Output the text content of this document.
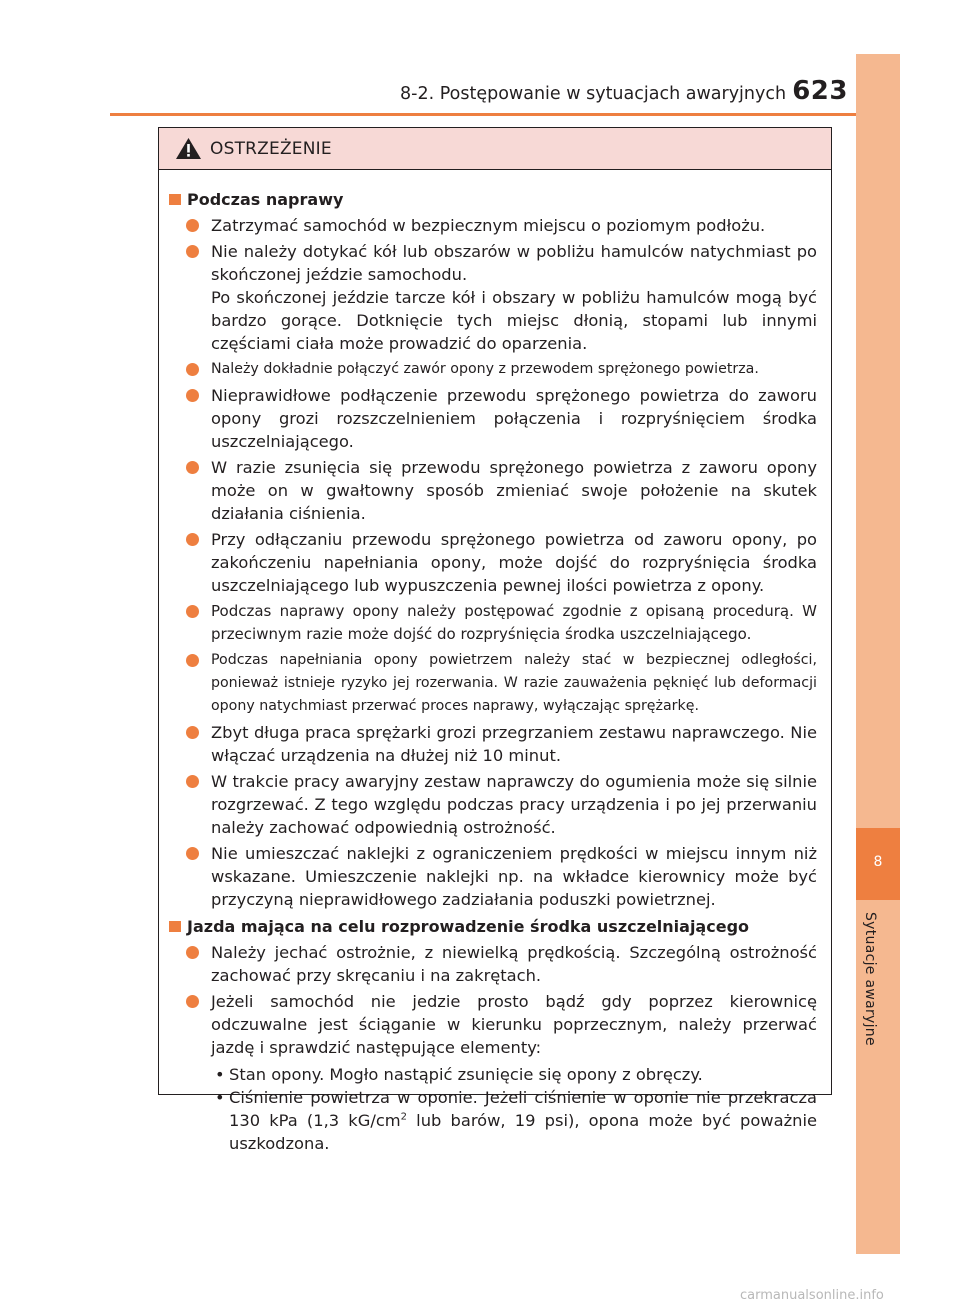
8-2. Postępowanie w sytuacjach awaryjnych 623
8
Sytuacje awaryjne
OSTRZEŻENIE
Podczas naprawy
Zatrzymać samochód w bezpiecznym miejscu o poziomym podłożu.
Nie należy dotykać kół lub obszarów w pobliżu hamulców natychmiast po skończonej jeździe samochodu.
Po skończonej jeździe tarcze kół i obszary w pobliżu hamulców mogą być bardzo gorące. Dotknięcie tych miejsc dłonią, stopami lub innymi częściami ciała może prowadzić do oparzenia.
Należy dokładnie połączyć zawór opony z przewodem sprężonego powietrza.
Nieprawidłowe podłączenie przewodu sprężonego powietrza do zaworu opony grozi rozszczelnieniem połączenia i rozpryśnięciem środka uszczelniającego.
W razie zsunięcia się przewodu sprężonego powietrza z zaworu opony może on w gwałtowny sposób zmieniać swoje położenie na skutek działania ciśnienia.
Przy odłączaniu przewodu sprężonego powietrza od zaworu opony, po zakończeniu napełniania opony, może dojść do rozpryśnięcia środka uszczelniającego lub wypuszczenia pewnej ilości powietrza z opony.
Podczas naprawy opony należy postępować zgodnie z opisaną procedurą. W przeciwnym razie może dojść do rozpryśnięcia środka uszczelniającego.
Podczas napełniania opony powietrzem należy stać w bezpiecznej odległości, ponieważ istnieje ryzyko jej rozerwania. W razie zauważenia pęknięć lub deformacji opony natychmiast przerwać proces naprawy, wyłączając sprężarkę.
Zbyt długa praca sprężarki grozi przegrzaniem zestawu naprawczego. Nie włączać urządzenia na dłużej niż 10 minut.
W trakcie pracy awaryjny zestaw naprawczy do ogumienia może się silnie rozgrzewać. Z tego względu podczas pracy urządzenia i po jej przerwaniu należy zachować odpowiednią ostrożność.
Nie umieszczać naklejki z ograniczeniem prędkości w miejscu innym niż wskazane. Umieszczenie naklejki np. na wkładce kierownicy może być przyczyną nieprawidłowego zadziałania poduszki powietrznej.
Jazda mająca na celu rozprowadzenie środka uszczelniającego
Należy jechać ostrożnie, z niewielką prędkością. Szczególną ostrożność zachować przy skręcaniu i na zakrętach.
Jeżeli samochód nie jedzie prosto bądź gdy poprzez kierownicę odczuwalne jest ściąganie w kierunku poprzecznym, należy przerwać jazdę i sprawdzić następujące elementy:
• Stan opony. Mogło nastąpić zsunięcie się opony z obręczy.
• Ciśnienie powietrza w oponie. Jeżeli ciśnienie w oponie nie przekracza 130 kPa (1,3 $kG/cm^2$ lub barów, 19 psi), opona może być poważnie uszkodzona.
carmanualsonline.info
